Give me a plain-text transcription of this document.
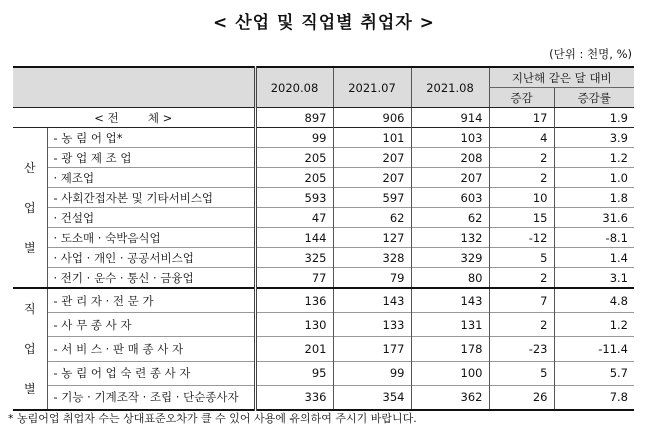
< 산업 및 직업별 취업자 >
(단위 : 천명, %)
		2020.08	2021.07	2021.08	지난해 같은 달 대비	
					증감	증감률
< 전        체 >		897	906	914	17	1.9

산
업
별	- 농 림 어 업*	99	101	103	4	3.9
	- 광 업 제 조 업	205	207	208	2	1.2
	· 제조업	205	207	207	2	1.0
	- 사회간접자본 및 기타서비스업	593	597	603	10	1.8
	· 건설업	47	62	62	15	31.6
	· 도소매 · 숙박음식업	144	127	132	-12	-8.1
	· 사업 · 개인 · 공공서비스업	325	328	329	5	1.4
	· 전기 · 운수 · 통신 · 금융업	77	79	80	2	3.1

직
업
별	- 관 리 자 · 전 문 가	136	143	143	7	4.8
	- 사 무 종 사 자	130	133	131	2	1.2
	- 서 비 스 · 판 매 종 사 자	201	177	178	-23	-11.4
	- 농 림 어 업 숙 련 종 사 자	95	99	100	5	5.7
	- 기능 · 기계조작 · 조립 · 단순종사자	336	354	362	26	7.8
* 농림어업 취업자 수는 상대표준오차가 클 수 있어 사용에 유의하여 주시기 바랍니다.
